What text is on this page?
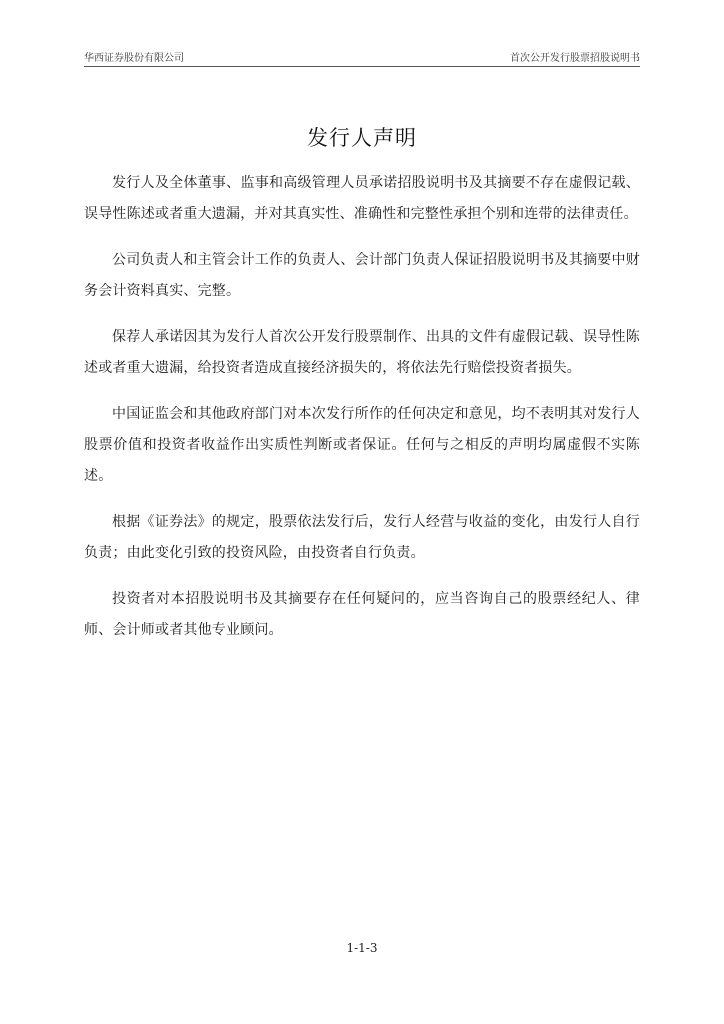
华西证券股份有限公司	首次公开发行股票招股说明书
发行人声明

发行人及全体董事、监事和高级管理人员承诺招股说明书及其摘要不存在虚假记载、误导性陈述或者重大遗漏，并对其真实性、准确性和完整性承担个别和连带的法律责任。

公司负责人和主管会计工作的负责人、会计部门负责人保证招股说明书及其摘要中财务会计资料真实、完整。

保荐人承诺因其为发行人首次公开发行股票制作、出具的文件有虚假记载、误导性陈述或者重大遗漏，给投资者造成直接经济损失的，将依法先行赔偿投资者损失。

中国证监会和其他政府部门对本次发行所作的任何决定和意见，均不表明其对发行人股票价值和投资者收益作出实质性判断或者保证。任何与之相反的声明均属虚假不实陈述。

根据《证券法》的规定，股票依法发行后，发行人经营与收益的变化，由发行人自行负责；由此变化引致的投资风险，由投资者自行负责。

投资者对本招股说明书及其摘要存在任何疑问的，应当咨询自己的股票经纪人、律师、会计师或者其他专业顾问。

1-1-3
